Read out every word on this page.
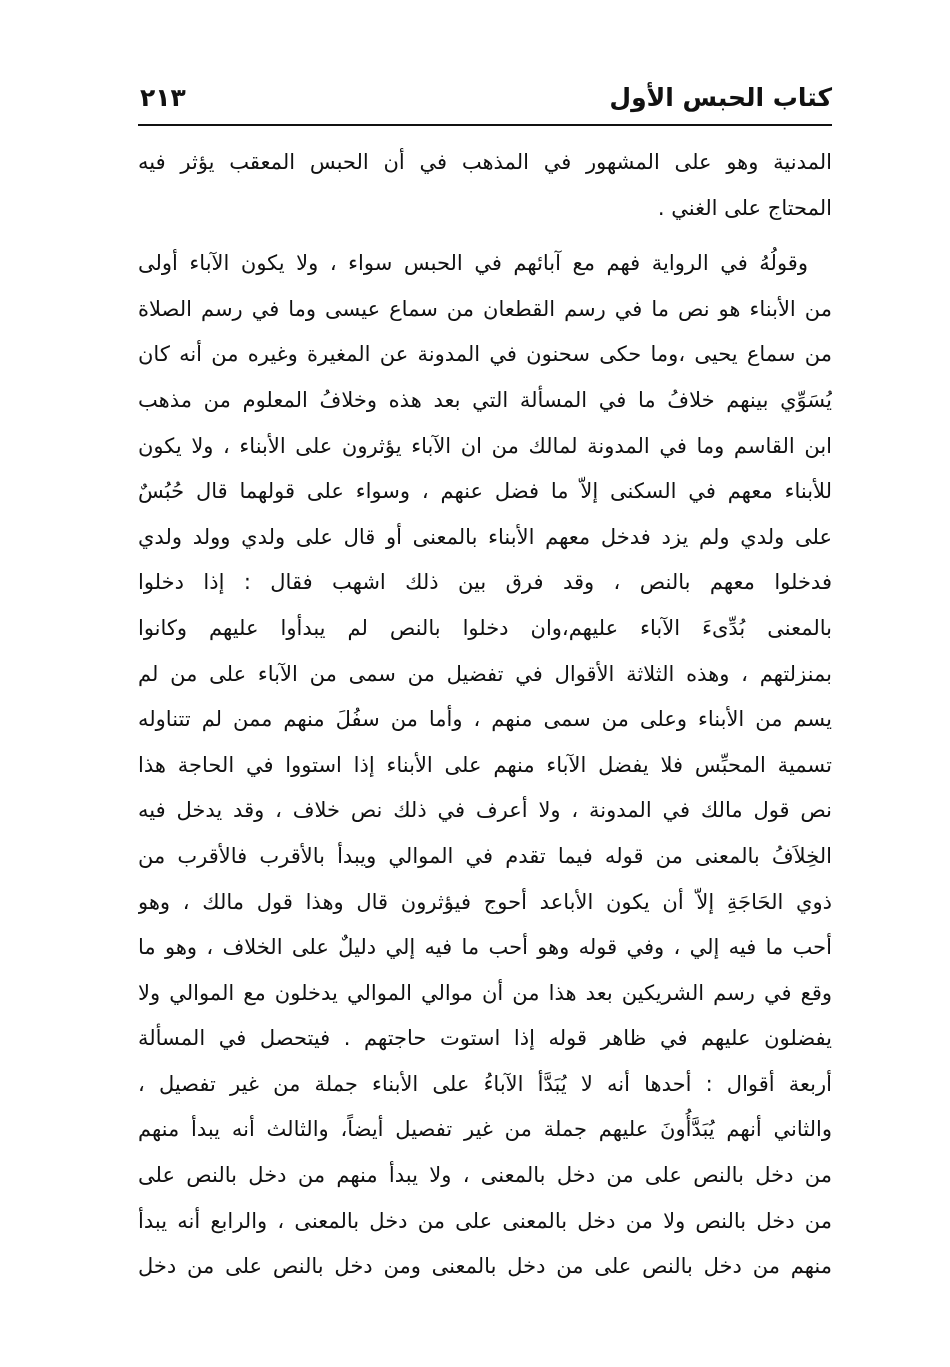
كتاب الحبس الأول
٢١٣
المدنية وهو على المشهور في المذهب في أن الحبس المعقب يؤثر فيه
المحتاج على الغني .
وقولُهُ في الرواية فهم مع آبائهم في الحبس سواء ، ولا يكون الآباء أولى
من الأبناء هو نص ما في رسم القطعان من سماع عيسى وما في رسم الصلاة
من سماع يحيى ،وما حكى سحنون في المدونة عن المغيرة وغيره من أنه كان
يُسَوِّي بينهم خلافُ ما في المسألة التي بعد هذه وخلافُ المعلوم من مذهب
ابن القاسم وما في المدونة لمالك من ان الآباء يؤثرون على الأبناء ، ولا يكون
للأبناء معهم في السكنى إلاّ ما فضل عنهم ، وسواء على قولهما قال حُبُسٌ
على ولدي ولم يزد فدخل معهم الأبناء بالمعنى أو قال على ولدي وولد ولدي
فدخلوا معهم بالنص ، وقد فرق بين ذلك اشهب فقال : إذا دخلوا
بالمعنى بُدِّىءَ الآباء عليهم،وان دخلوا بالنص لم يبدأوا عليهم وكانوا
بمنزلتهم ، وهذه الثلاثة الأقوال في تفضيل من سمى من الآباء على من لم
يسم من الأبناء وعلى من سمى منهم ، وأما من سفُلَ منهم ممن لم تتناوله
تسمية المحبِّس فلا يفضل الآباء منهم على الأبناء إذا استووا في الحاجة هذا
نص قول مالك في المدونة ، ولا أعرف في ذلك نص خلاف ، وقد يدخل فيه
الخِلاَفُ بالمعنى من قوله فيما تقدم في الموالي ويبدأ بالأقرب فالأقرب من
ذوي الحَاجَةِ إلاّ أن يكون الأباعد أحوج فيؤثرون قال وهذا قول مالك ، وهو
أحب ما فيه إلي ، وفي قوله وهو أحب ما فيه إلي دليلٌ على الخلاف ، وهو ما
وقع في رسم الشريكين بعد هذا من أن موالي الموالي يدخلون مع الموالي ولا
يفضلون عليهم في ظاهر قوله إذا استوت حاجتهم . فيتحصل في المسألة
أربعة أقوال : أحدها أنه لا يُبَدَّأ الآباءُ على الأبناء جملة من غير تفصيل ،
والثاني أنهم يُبَدَّأُونَ عليهم جملة من غير تفصيل أيضاً، والثالث أنه يبدأ منهم
من دخل بالنص على من دخل بالمعنى ، ولا يبدأ منهم من دخل بالنص على
من دخل بالنص ولا من دخل بالمعنى على من دخل بالمعنى ، والرابع أنه يبدأ
منهم من دخل بالنص على من دخل بالمعنى ومن دخل بالنص على من دخل
